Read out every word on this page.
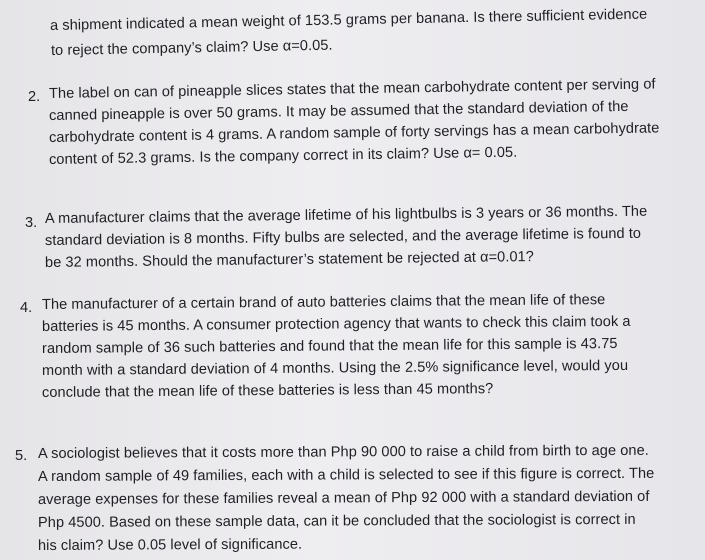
a shipment indicated a mean weight of 153.5 grams per banana. Is there sufficient evidence
to reject the company’s claim? Use α=0.05.
2. The label on can of pineapple slices states that the mean carbohydrate content per serving of
canned pineapple is over 50 grams. It may be assumed that the standard deviation of the
carbohydrate content is 4 grams. A random sample of forty servings has a mean carbohydrate
content of 52.3 grams. Is the company correct in its claim? Use α= 0.05.
3. A manufacturer claims that the average lifetime of his lightbulbs is 3 years or 36 months. The
standard deviation is 8 months. Fifty bulbs are selected, and the average lifetime is found to
be 32 months. Should the manufacturer’s statement be rejected at α=0.01?
4. The manufacturer of a certain brand of auto batteries claims that the mean life of these
batteries is 45 months. A consumer protection agency that wants to check this claim took a
random sample of 36 such batteries and found that the mean life for this sample is 43.75
month with a standard deviation of 4 months. Using the 2.5% significance level, would you
conclude that the mean life of these batteries is less than 45 months?
5. A sociologist believes that it costs more than Php 90 000 to raise a child from birth to age one.
A random sample of 49 families, each with a child is selected to see if this figure is correct. The
average expenses for these families reveal a mean of Php 92 000 with a standard deviation of
Php 4500. Based on these sample data, can it be concluded that the sociologist is correct in
his claim? Use 0.05 level of significance.
